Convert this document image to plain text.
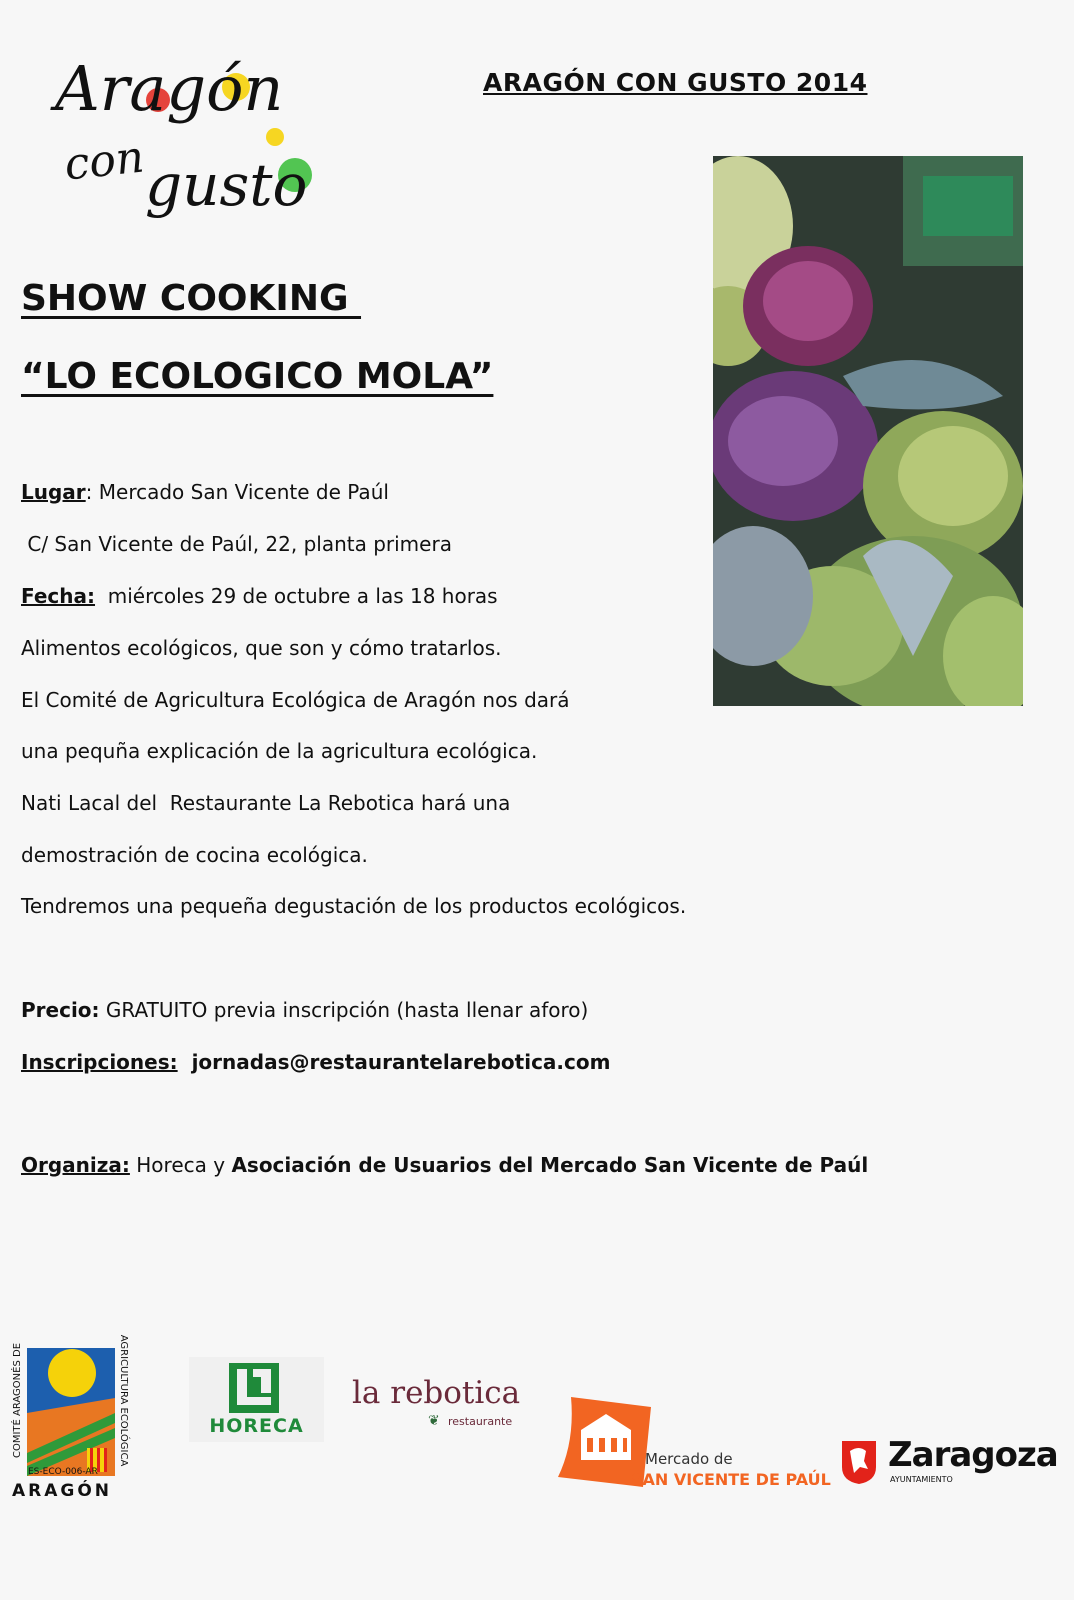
Aragón
con
gusto
ARAGÓN CON GUSTO 2014
SHOW COOKING
“LO ECOLOGICO MOLA”
Lugar: Mercado San Vicente de Paúl
C/ San Vicente de Paúl, 22, planta primera
Fecha:  miércoles 29 de octubre a las 18 horas
Alimentos ecológicos, que son y cómo tratarlos.
El Comité de Agricultura Ecológica de Aragón nos dará
una pequña explicación de la agricultura ecológica.
Nati Lacal del  Restaurante La Rebotica hará una
demostración de cocina ecológica.
Tendremos una pequeña degustación de los productos ecológicos.
Precio: GRATUITO previa inscripción (hasta llenar aforo)
Inscripciones:  jornadas@restaurantelarebotica.com
Organiza: Horeca y Asociación de Usuarios del Mercado San Vicente de Paúl
COMITÉ ARAGONÉS DE	AGRICULTURA ECOLÓGICA
ES-ECO-006-AR
ARAGÓN
HORECA
la rebotica
❦ restaurante
Mercado de
SAN VICENTE DE PAÚL
Zaragoza
AYUNTAMIENTO
